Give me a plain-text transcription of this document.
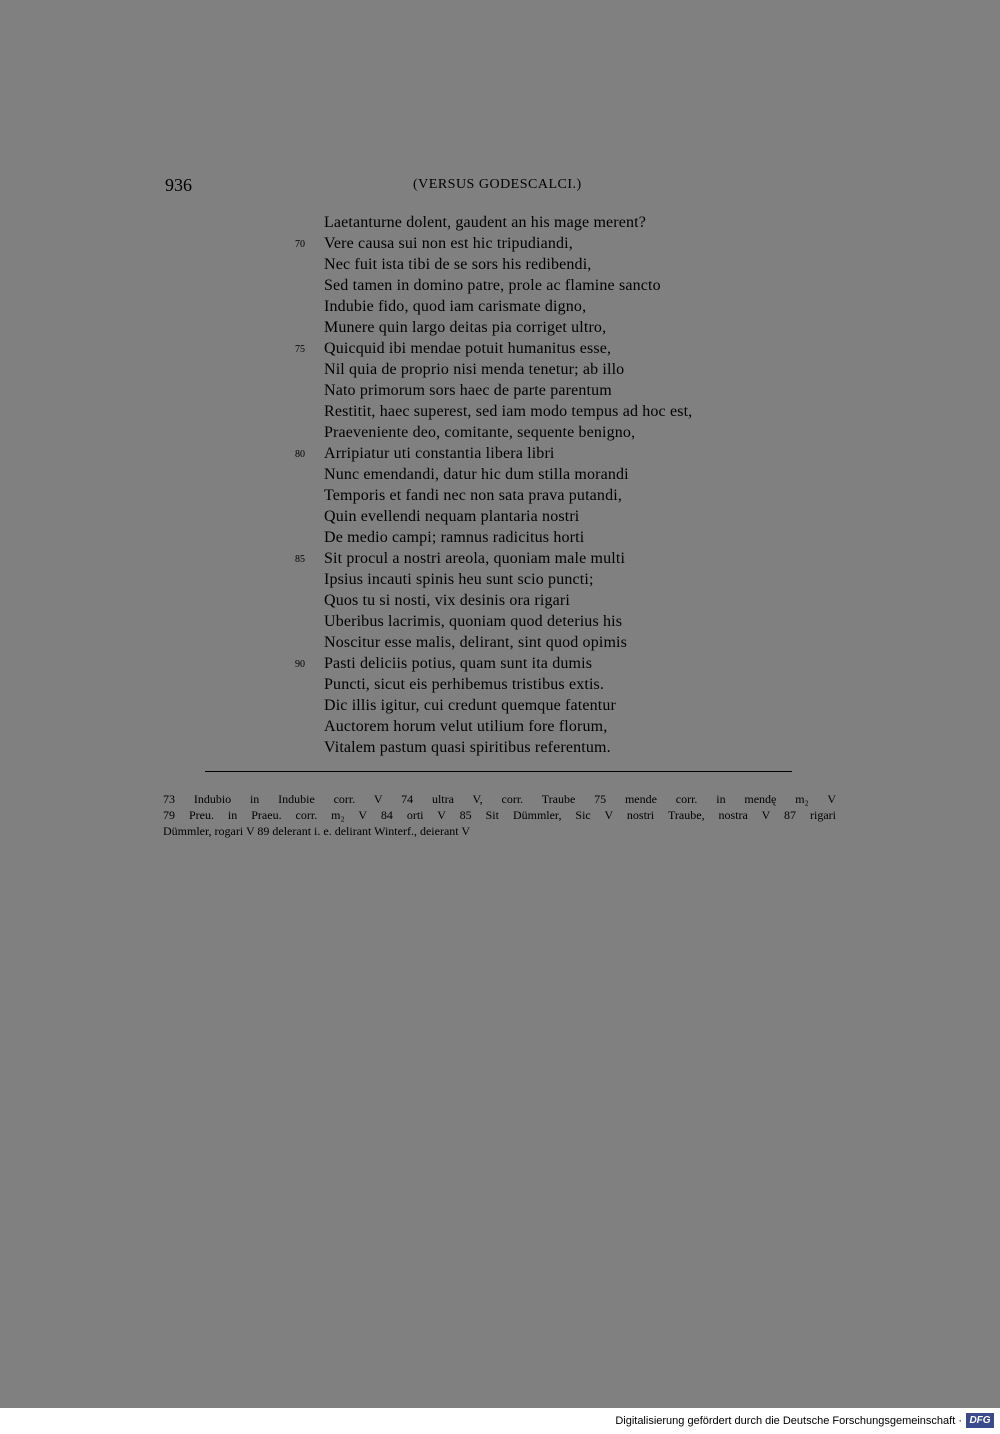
936	(VERSUS GODESCALCI.)
Laetanturne dolent, gaudent an his mage merent?
70	Vere causa sui non est hic tripudiandi,
Nec fuit ista tibi de se sors his redibendi,
Sed tamen in domino patre, prole ac flamine sancto
Indubie fido, quod iam carismate digno,
Munere quin largo deitas pia corriget ultro,
75	Quicquid ibi mendae potuit humanitus esse,
Nil quia de proprio nisi menda tenetur; ab illo
Nato primorum sors haec de parte parentum
Restitit, haec superest, sed iam modo tempus ad hoc est,
Praeveniente deo, comitante, sequente benigno,
80	Arripiatur uti constantia libera libri
Nunc emendandi, datur hic dum stilla morandi
Temporis et fandi nec non sata prava putandi,
Quin evellendi nequam plantaria nostri
De medio campi; ramnus radicitus horti
85	Sit procul a nostri areola, quoniam male multi
Ipsius incauti spinis heu sunt scio puncti;
Quos tu si nosti, vix desinis ora rigari
Uberibus lacrimis, quoniam quod deterius his
Noscitur esse malis, delirant, sint quod opimis
90	Pasti deliciis potius, quam sunt ita dumis
Puncti, sicut eis perhibemus tristibus extis.
Dic illis igitur, cui credunt quemque fatentur
Auctorem horum velut utilium fore florum,
Vitalem pastum quasi spiritibus referentum.
73 Indubio in Indubie corr. V 74 ultra V, corr. Traube 75 mende corr. in mendę m₂ V
79 Preu. in Praeu. corr. m₂ V 84 orti V 85 Sit Dümmler, Sic V nostri Traube, nostra V 87 rigari
Dümmler, rogari V 89 delerant i. e. delirant Winterf., deierant V
Digitalisierung gefördert durch die Deutsche Forschungsgemeinschaft · DFG
